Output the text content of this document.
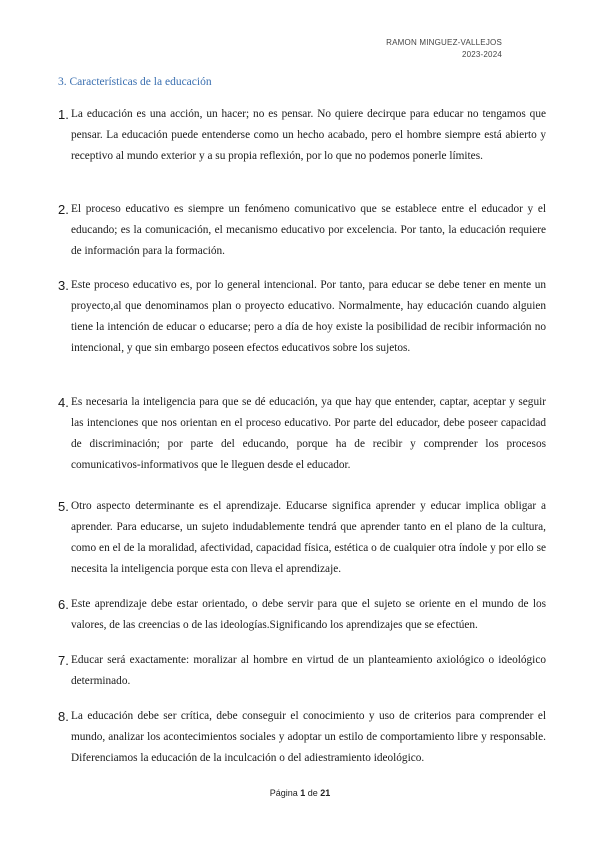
RAMON MINGUEZ-VALLEJOS
2023-2024
3. Características de la educación
1. La educación es una acción, un hacer; no es pensar. No quiere decirque para educar no tengamos que pensar. La educación puede entenderse como un hecho acabado, pero el hombre siempre está abierto y receptivo al mundo exterior y a su propia reflexión, por lo que no podemos ponerle límites.
2. El proceso educativo es siempre un fenómeno comunicativo que se establece entre el educador y el educando; es la comunicación, el mecanismo educativo por excelencia. Por tanto, la educación requiere de información para la formación.
3. Este proceso educativo es, por lo general intencional. Por tanto, para educar se debe tener en mente un proyecto,al que denominamos plan o proyecto educativo. Normalmente, hay educación cuando alguien tiene la intención de educar o educarse; pero a día de hoy existe la posibilidad de recibir información no intencional, y que sin embargo poseen efectos educativos sobre los sujetos.
4. Es necesaria la inteligencia para que se dé educación, ya que hay que entender, captar, aceptar y seguir las intenciones que nos orientan en el proceso educativo. Por parte del educador, debe poseer capacidad de discriminación; por parte del educando, porque ha de recibir y comprender los procesos comunicativos-informativos que le lleguen desde el educador.
5. Otro aspecto determinante es el aprendizaje. Educarse significa aprender y educar implica obligar a aprender. Para educarse, un sujeto indudablemente tendrá que aprender tanto en el plano de la cultura, como en el de la moralidad, afectividad, capacidad física, estética o de cualquier otra índole y por ello se necesita la inteligencia porque esta con lleva el aprendizaje.
6. Este aprendizaje debe estar orientado, o debe servir para que el sujeto se oriente en el mundo de los valores, de las creencias o de las ideologías.Significando los aprendizajes que se efectúen.
7. Educar será exactamente: moralizar al hombre en virtud de un planteamiento axiológico o ideológico determinado.
8. La educación debe ser crítica, debe conseguir el conocimiento y uso de criterios para comprender el mundo, analizar los acontecimientos sociales y adoptar un estilo de comportamiento libre y responsable. Diferenciamos la educación de la inculcación o del adiestramiento ideológico.
Página 1 de 21
